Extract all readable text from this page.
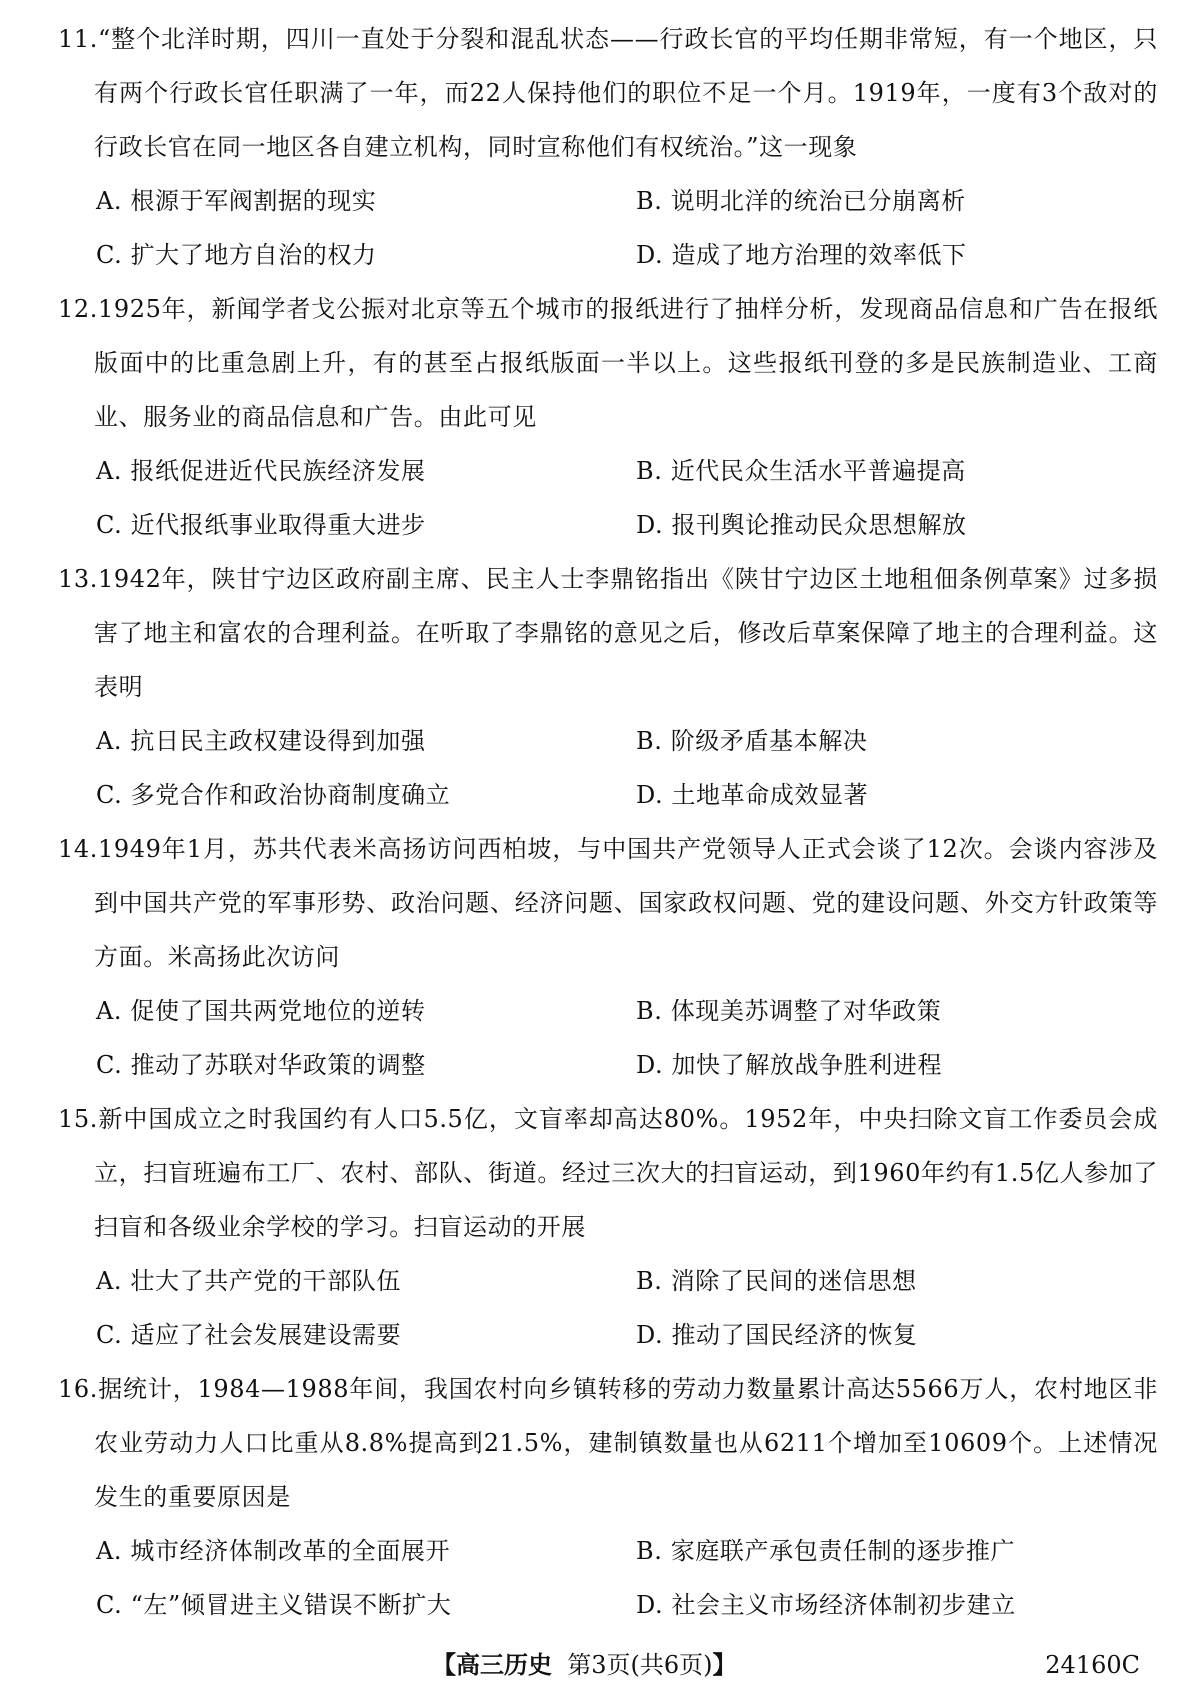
11.“整个北洋时期，四川一直处于分裂和混乱状态——行政长官的平均任期非常短，有一个地区，只有两个行政长官任职满了一年，而22人保持他们的职位不足一个月。1919年，一度有3个敌对的行政长官在同一地区各自建立机构，同时宣称他们有权统治。”这一现象

A. 根源于军阀割据的现实	B. 说明北洋的统治已分崩离析
C. 扩大了地方自治的权力	D. 造成了地方治理的效率低下

12.1925年，新闻学者戈公振对北京等五个城市的报纸进行了抽样分析，发现商品信息和广告在报纸版面中的比重急剧上升，有的甚至占报纸版面一半以上。这些报纸刊登的多是民族制造业、工商业、服务业的商品信息和广告。由此可见

A. 报纸促进近代民族经济发展	B. 近代民众生活水平普遍提高
C. 近代报纸事业取得重大进步	D. 报刊舆论推动民众思想解放

13.1942年，陕甘宁边区政府副主席、民主人士李鼎铭指出《陕甘宁边区土地租佃条例草案》过多损害了地主和富农的合理利益。在听取了李鼎铭的意见之后，修改后草案保障了地主的合理利益。这表明

A. 抗日民主政权建设得到加强	B. 阶级矛盾基本解决
C. 多党合作和政治协商制度确立	D. 土地革命成效显著

14.1949年1月，苏共代表米高扬访问西柏坡，与中国共产党领导人正式会谈了12次。会谈内容涉及到中国共产党的军事形势、政治问题、经济问题、国家政权问题、党的建设问题、外交方针政策等方面。米高扬此次访问

A. 促使了国共两党地位的逆转	B. 体现美苏调整了对华政策
C. 推动了苏联对华政策的调整	D. 加快了解放战争胜利进程

15.新中国成立之时我国约有人口5.5亿，文盲率却高达80%。1952年，中央扫除文盲工作委员会成立，扫盲班遍布工厂、农村、部队、街道。经过三次大的扫盲运动，到1960年约有1.5亿人参加了扫盲和各级业余学校的学习。扫盲运动的开展

A. 壮大了共产党的干部队伍	B. 消除了民间的迷信思想
C. 适应了社会发展建设需要	D. 推动了国民经济的恢复

16.据统计，1984—1988年间，我国农村向乡镇转移的劳动力数量累计高达5566万人，农村地区非农业劳动力人口比重从8.8%提高到21.5%，建制镇数量也从6211个增加至10609个。上述情况发生的重要原因是

A. 城市经济体制改革的全面展开	B. 家庭联产承包责任制的逐步推广
C. “左”倾冒进主义错误不断扩大	D. 社会主义市场经济体制初步建立
【高三历史 第3页(共6页)】	24160C
